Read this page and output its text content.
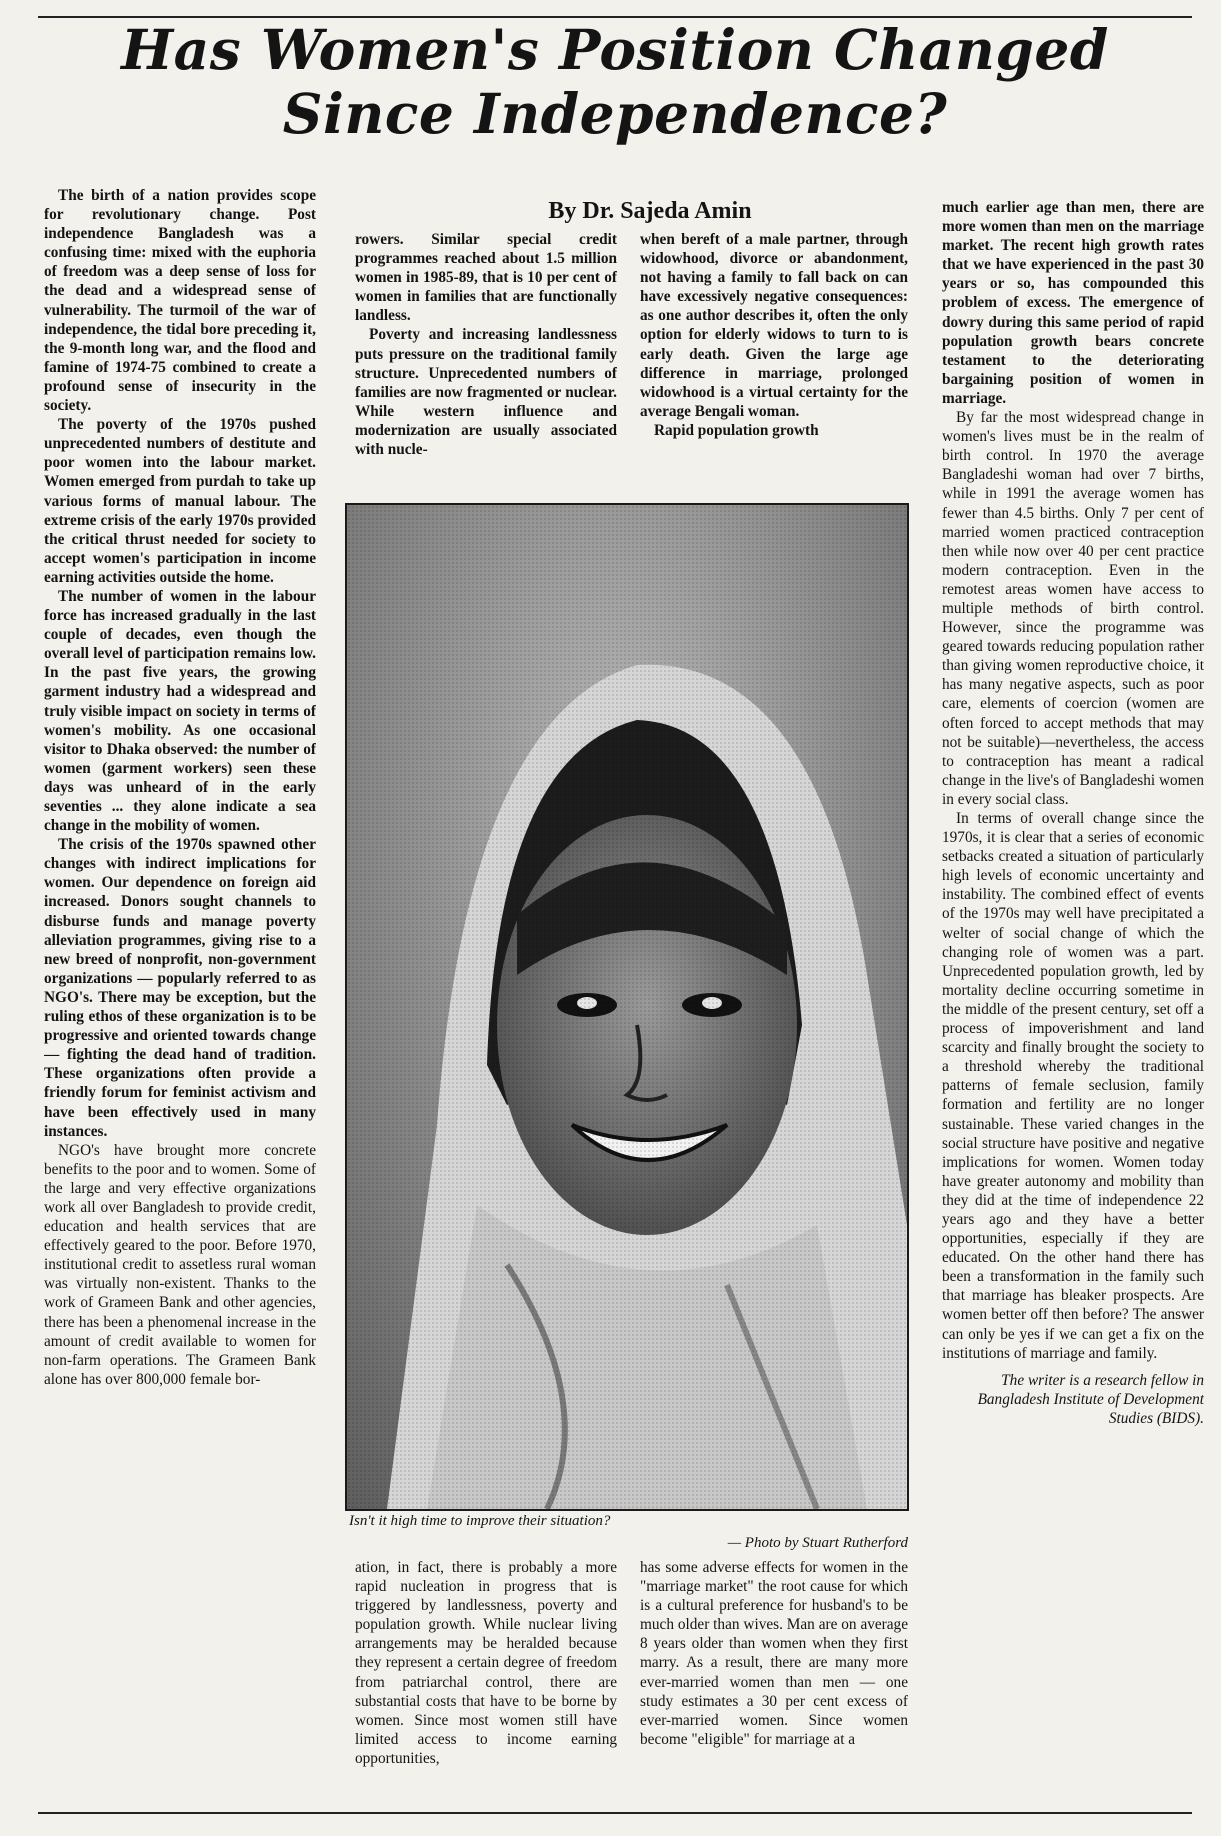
Has Women's Position Changed
Since Independence?
By Dr. Sajeda Amin

The birth of a nation provides scope for revolutionary change. Post independence Bangladesh was a confusing time: mixed with the euphoria of freedom was a deep sense of loss for the dead and a widespread sense of vulnerability. The turmoil of the war of independence, the tidal bore preceding it, the 9-month long war, and the flood and famine of 1974-75 combined to create a profound sense of insecurity in the society.

The poverty of the 1970s pushed unprecedented numbers of destitute and poor women into the labour market. Women emerged from purdah to take up various forms of manual labour. The extreme crisis of the early 1970s provided the critical thrust needed for society to accept women's participation in income earning activities outside the home.

The number of women in the labour force has increased gradually in the last couple of decades, even though the overall level of participation remains low. In the past five years, the growing garment industry had a widespread and truly visible impact on society in terms of women's mobility. As one occasional visitor to Dhaka observed: the number of women (garment workers) seen these days was unheard of in the early seventies ... they alone indicate a sea change in the mobility of women.

The crisis of the 1970s spawned other changes with indirect implications for women. Our dependence on foreign aid increased. Donors sought channels to disburse funds and manage poverty alleviation programmes, giving rise to a new breed of nonprofit, non-government organizations — popularly referred to as NGO's. There may be exception, but the ruling ethos of these organization is to be progressive and oriented towards change — fighting the dead hand of tradition. These organizations often provide a friendly forum for feminist activism and have been effectively used in many instances.

NGO's have brought more concrete benefits to the poor and to women. Some of the large and very effective organizations work all over Bangladesh to provide credit, education and health services that are effectively geared to the poor. Before 1970, institutional credit to assetless rural woman was virtually non-existent. Thanks to the work of Grameen Bank and other agencies, there has been a phenomenal increase in the amount of credit available to women for non-farm operations. The Grameen Bank alone has over 800,000 female bor-

rowers. Similar special credit programmes reached about 1.5 million women in 1985-89, that is 10 per cent of women in families that are functionally landless.

Poverty and increasing landlessness puts pressure on the traditional family structure. Unprecedented numbers of families are now fragmented or nuclear. While western influence and modernization are usually associated with nucle-

when bereft of a male partner, through widowhood, divorce or abandonment, not having a family to fall back on can have excessively negative consequences: as one author describes it, often the only option for elderly widows to turn to is early death. Given the large age difference in marriage, prolonged widowhood is a virtual certainty for the average Bengali woman.

Rapid population growth

Isn't it high time to improve their situation?
— Photo by Stuart Rutherford

ation, in fact, there is probably a more rapid nucleation in progress that is triggered by landlessness, poverty and population growth. While nuclear living arrangements may be heralded because they represent a certain degree of freedom from patriarchal control, there are substantial costs that have to be borne by women. Since most women still have limited access to income earning opportunities,

has some adverse effects for women in the "marriage market" the root cause for which is a cultural preference for husband's to be much older than wives. Man are on average 8 years older than women when they first marry. As a result, there are many more ever-married women than men — one study estimates a 30 per cent excess of ever-married women. Since women become "eligible" for marriage at a

much earlier age than men, there are more women than men on the marriage market. The recent high growth rates that we have experienced in the past 30 years or so, has compounded this problem of excess. The emergence of dowry during this same period of rapid population growth bears concrete testament to the deteriorating bargaining position of women in marriage.

By far the most widespread change in women's lives must be in the realm of birth control. In 1970 the average Bangladeshi woman had over 7 births, while in 1991 the average women has fewer than 4.5 births. Only 7 per cent of married women practiced contraception then while now over 40 per cent practice modern contraception. Even in the remotest areas women have access to multiple methods of birth control. However, since the programme was geared towards reducing population rather than giving women reproductive choice, it has many negative aspects, such as poor care, elements of coercion (women are often forced to accept methods that may not be suitable)—nevertheless, the access to contraception has meant a radical change in the live's of Bangladeshi women in every social class.

In terms of overall change since the 1970s, it is clear that a series of economic setbacks created a situation of particularly high levels of economic uncertainty and instability. The combined effect of events of the 1970s may well have precipitated a welter of social change of which the changing role of women was a part. Unprecedented population growth, led by mortality decline occurring sometime in the middle of the present century, set off a process of impoverishment and land scarcity and finally brought the society to a threshold whereby the traditional patterns of female seclusion, family formation and fertility are no longer sustainable. These varied changes in the social structure have positive and negative implications for women. Women today have greater autonomy and mobility than they did at the time of independence 22 years ago and they have a better opportunities, especially if they are educated. On the other hand there has been a transformation in the family such that marriage has bleaker prospects. Are women better off then before? The answer can only be yes if we can get a fix on the institutions of marriage and family.

The writer is a research fellow in Bangladesh Institute of Development Studies (BIDS).
